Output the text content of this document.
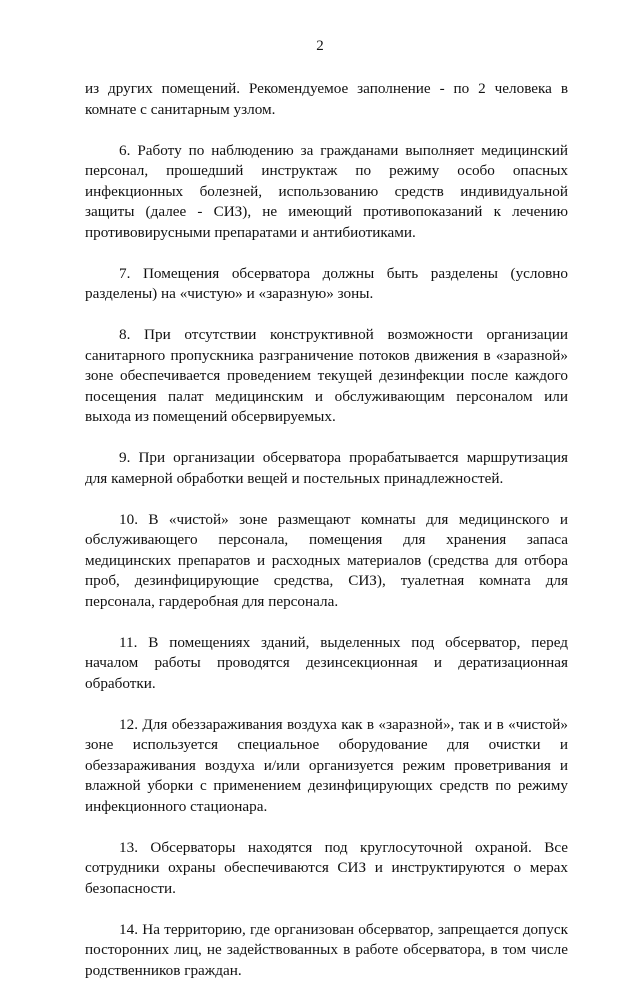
2

из других помещений. Рекомендуемое заполнение - по 2 человека в комнате с санитарным узлом.

6. Работу по наблюдению за гражданами выполняет медицинский персонал, прошедший инструктаж по режиму особо опасных инфекционных болезней, использованию средств индивидуальной защиты (далее - СИЗ), не имеющий противопоказаний к лечению противовирусными препаратами и антибиотиками.

7. Помещения обсерватора должны быть разделены (условно разделены) на «чистую» и «заразную» зоны.

8. При отсутствии конструктивной возможности организации санитарного пропускника разграничение потоков движения в «заразной» зоне обеспечивается проведением текущей дезинфекции после каждого посещения палат медицинским и обслуживающим персоналом или выхода из помещений обсервируемых.

9. При организации обсерватора прорабатывается маршрутизация для камерной обработки вещей и постельных принадлежностей.

10. В «чистой» зоне размещают комнаты для медицинского и обслуживающего персонала, помещения для хранения запаса медицинских препаратов и расходных материалов (средства для отбора проб, дезинфицирующие средства, СИЗ), туалетная комната для персонала, гардеробная для персонала.

11. В помещениях зданий, выделенных под обсерватор, перед началом работы проводятся дезинсекционная и дератизационная обработки.

12. Для обеззараживания воздуха как в «заразной», так и в «чистой» зоне используется специальное оборудование для очистки и обеззараживания воздуха и/или организуется режим проветривания и влажной уборки с применением дезинфицирующих средств по режиму инфекционного стационара.

13. Обсерваторы находятся под круглосуточной охраной. Все сотрудники охраны обеспечиваются СИЗ и инструктируются о мерах безопасности.

14. На территорию, где организован обсерватор, запрещается допуск посторонних лиц, не задействованных в работе обсерватора, в том числе родственников граждан.
